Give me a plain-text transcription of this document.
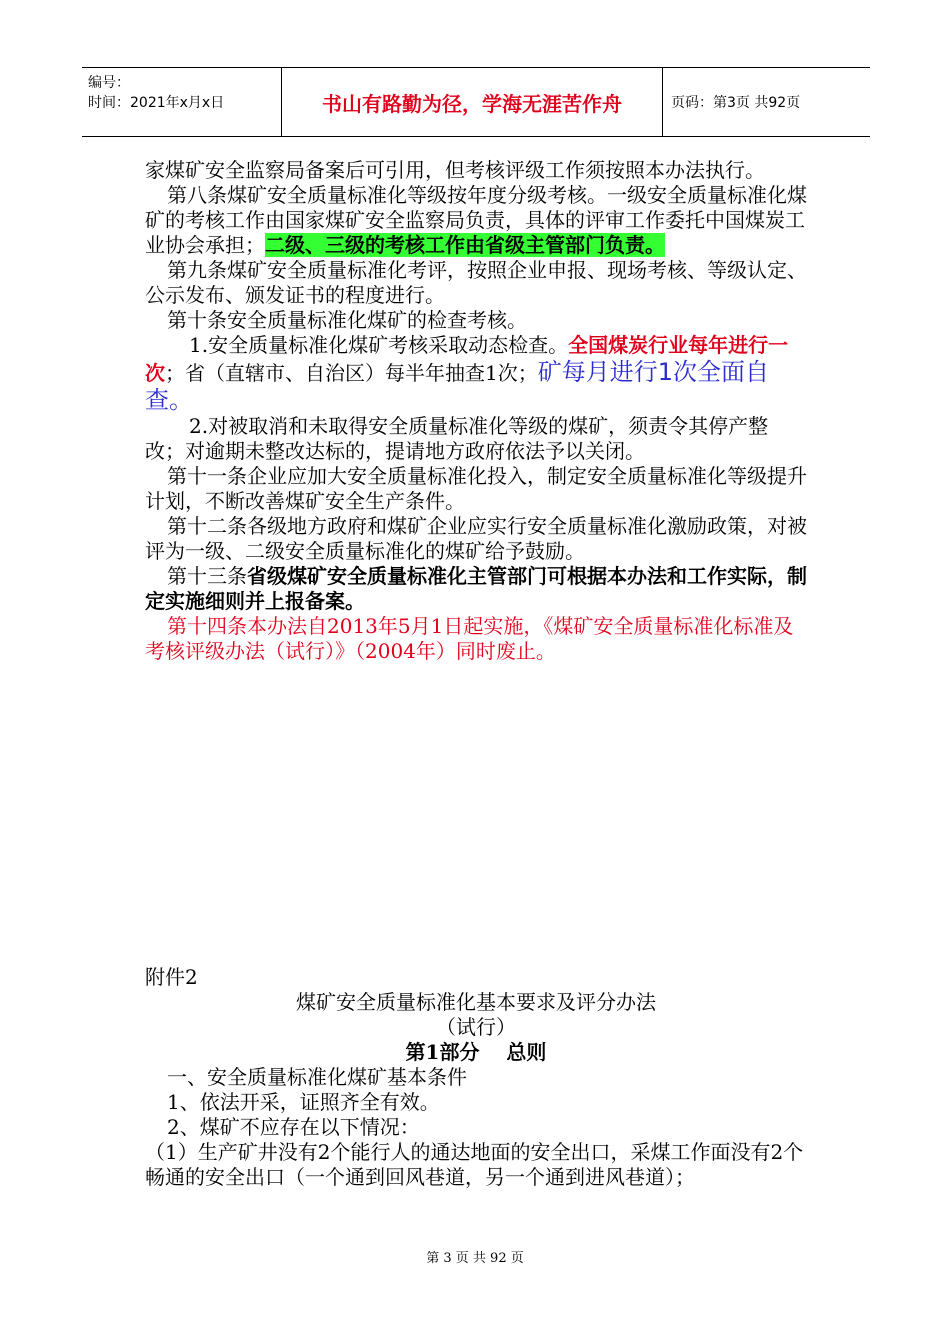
编号：
时间：2021年x月x日	书山有路勤为径，学海无涯苦作舟	页码：第3页 共92页

家煤矿安全监察局备案后可引用，但考核评级工作须按照本办法执行。

第八条煤矿安全质量标准化等级按年度分级考核。一级安全质量标准化煤矿的考核工作由国家煤矿安全监察局负责，具体的评审工作委托中国煤炭工业协会承担；二级、三级的考核工作由省级主管部门负责。

第九条煤矿安全质量标准化考评，按照企业申报、现场考核、等级认定、公示发布、颁发证书的程度进行。

第十条安全质量标准化煤矿的检查考核。

1.安全质量标准化煤矿考核采取动态检查。全国煤炭行业每年进行一次；省（直辖市、自治区）每半年抽查1次；矿每月进行1次全面自查。

2.对被取消和未取得安全质量标准化等级的煤矿，须责令其停产整改；对逾期未整改达标的，提请地方政府依法予以关闭。

第十一条企业应加大安全质量标准化投入，制定安全质量标准化等级提升计划，不断改善煤矿安全生产条件。

第十二条各级地方政府和煤矿企业应实行安全质量标准化激励政策，对被评为一级、二级安全质量标准化的煤矿给予鼓励。

第十三条省级煤矿安全质量标准化主管部门可根据本办法和工作实际，制定实施细则并上报备案。

第十四条本办法自2013年5月1日起实施，《煤矿安全质量标准化标准及考核评级办法（试行）》（2004年）同时废止。

附件2

煤矿安全质量标准化基本要求及评分办法

（试行）

第1部分　 总则

一、安全质量标准化煤矿基本条件

1、依法开采，证照齐全有效。

2、煤矿不应存在以下情况：

（1）生产矿井没有2个能行人的通达地面的安全出口，采煤工作面没有2个畅通的安全出口（一个通到回风巷道，另一个通到进风巷道）；

第 3 页 共 92 页
